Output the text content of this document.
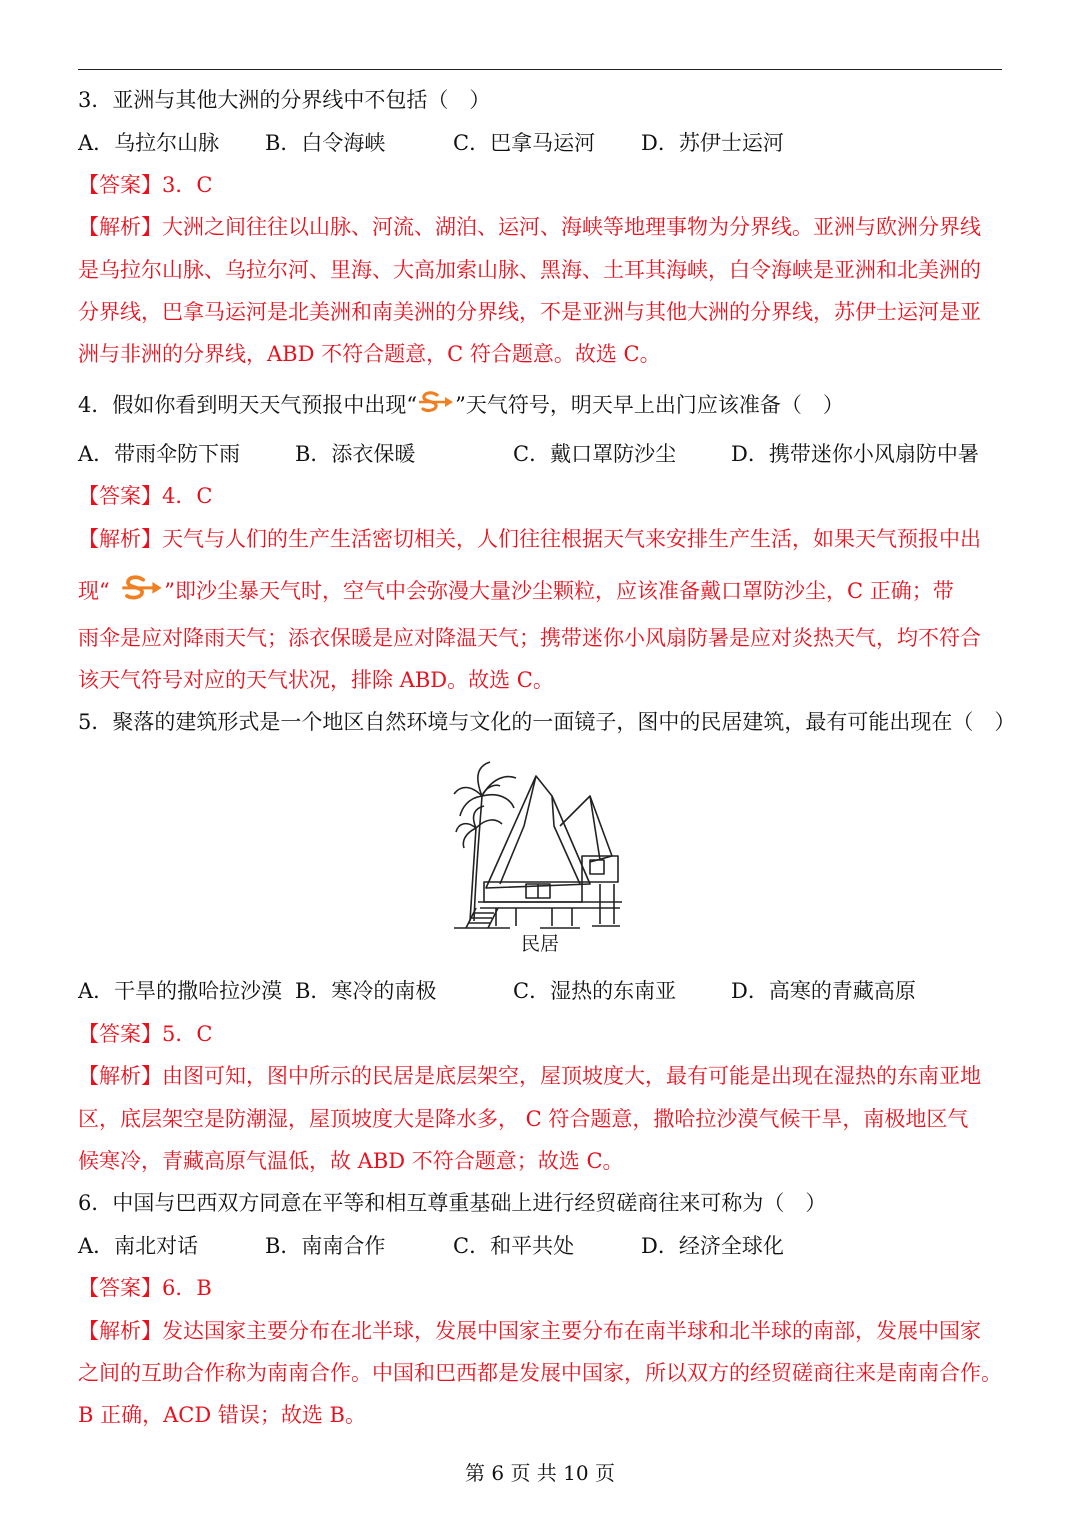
3．亚洲与其他大洲的分界线中不包括（　）
A．乌拉尔山脉 B．白令海峡	C．巴拿马运河 D．苏伊士运河
【答案】3．C
【解析】大洲之间往往以山脉、河流、湖泊、运河、海峡等地理事物为分界线。亚洲与欧洲分界线
是乌拉尔山脉、乌拉尔河、里海、大高加索山脉、黑海、土耳其海峡，白令海峡是亚洲和北美洲的
分界线，巴拿马运河是北美洲和南美洲的分界线，不是亚洲与其他大洲的分界线，苏伊士运河是亚
洲与非洲的分界线，ABD 不符合题意，C 符合题意。故选 C。
4．假如你看到明天天气预报中出现“ ”天气符号，明天早上出门应该准备（　）
A．带雨伞防下雨	B．添衣保暖	C．戴口罩防沙尘	D．携带迷你小风扇防中暑
【答案】4．C
【解析】天气与人们的生产生活密切相关，人们往往根据天气来安排生产生活，如果天气预报中出
现“ 	”即沙尘暴天气时，空气中会弥漫大量沙尘颗粒，应该准备戴口罩防沙尘，C 正确；带
雨伞是应对降雨天气；添衣保暖是应对降温天气；携带迷你小风扇防暑是应对炎热天气，均不符合
该天气符号对应的天气状况，排除 ABD。故选 C。
5．聚落的建筑形式是一个地区自然环境与文化的一面镜子，图中的民居建筑，最有可能出现在（　）
民居
A．干旱的撒哈拉沙漠 B．寒冷的南极	C．湿热的东南亚	D．高寒的青藏高原
【答案】5．C
【解析】由图可知，图中所示的民居是底层架空，屋顶坡度大，最有可能是出现在湿热的东南亚地
区，底层架空是防潮湿，屋顶坡度大是降水多， C 符合题意，撒哈拉沙漠气候干旱，南极地区气
候寒冷，青藏高原气温低，故 ABD 不符合题意；故选 C。
6．中国与巴西双方同意在平等和相互尊重基础上进行经贸磋商往来可称为（　）
A．南北对话	B．南南合作	C．和平共处	D．经济全球化
【答案】6．B
【解析】发达国家主要分布在北半球，发展中国家主要分布在南半球和北半球的南部，发展中国家
之间的互助合作称为南南合作。中国和巴西都是发展中国家，所以双方的经贸磋商往来是南南合作。
B 正确，ACD 错误；故选 B。
第 6 页 共 10 页
